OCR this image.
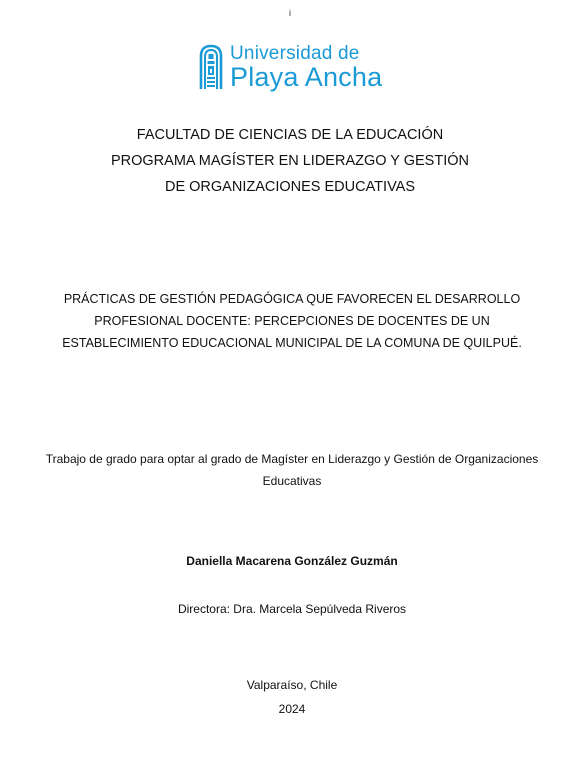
i
Universidad de
Playa Ancha
FACULTAD DE CIENCIAS DE LA EDUCACIÓN
PROGRAMA MAGÍSTER EN LIDERAZGO Y GESTIÓN
DE ORGANIZACIONES EDUCATIVAS
PRÁCTICAS DE GESTIÓN PEDAGÓGICA QUE FAVORECEN EL DESARROLLO PROFESIONAL DOCENTE: PERCEPCIONES DE DOCENTES DE UN ESTABLECIMIENTO EDUCACIONAL MUNICIPAL DE LA COMUNA DE QUILPUÉ.
Trabajo de grado para optar al grado de Magíster en Liderazgo y Gestión de Organizaciones Educativas
Daniella Macarena González Guzmán
Directora: Dra. Marcela Sepúlveda Riveros
Valparaíso, Chile
2024
